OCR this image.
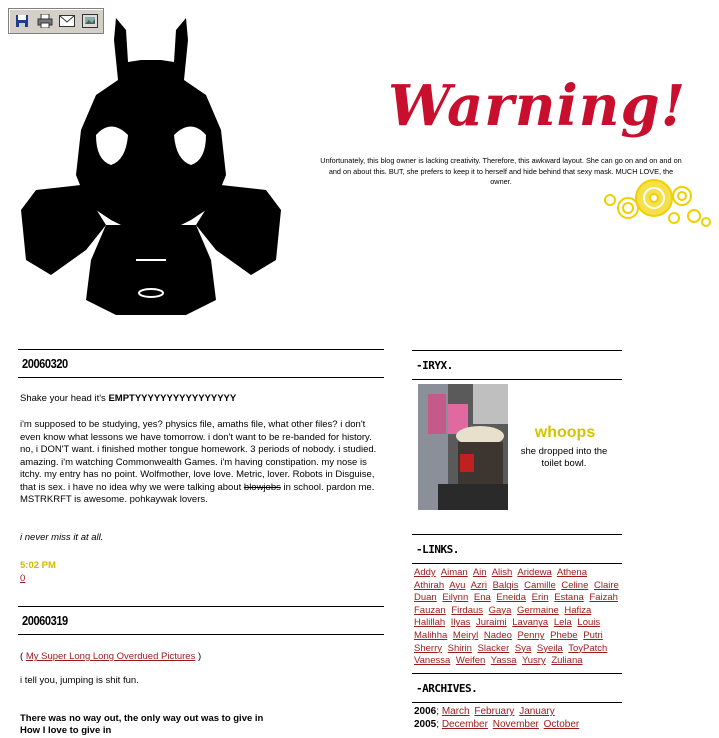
Warning!
Unfortunately, this blog owner is lacking creativity. Therefore, this awkward layout. She can go on and on and on and on about this. BUT, she prefers to keep it to herself and hide behind that sexy mask. MUCH LOVE, the owner.
20060320
Shake your head it's EMPTYYYYYYYYYYYYYYYY
i'm supposed to be studying, yes? physics file, amaths file, what other files? i don't even know what lessons we have tomorrow. i don't want to be re-banded for history. no, i DON'T want. i finished mother tongue homework. 3 periods of nobody. i studied. amazing. i'm watching Commonwealth Games. i'm having constipation. my nose is itchy. my entry has no point. Wolfmother, love love. Metric, lover. Robots in Disguise, that is sex. i have no idea why we were talking about blowjobs in school. pardon me. MSTRKRFT is awesome. pohkaywak lovers.
i never miss it at all.
5:02 PM
0
20060319
( My Super Long Long Overdued Pictures )
i tell you, jumping is shit fun.
There was no way out, the only way out was to give in
How I love to give in
-IRYX.
whoops
she dropped into the toilet bowl.
-LINKS.
Addy Aiman Ain Alish Aridewa Athena Athirah Ayu Azri Balqis Camille Celine Claire Duan Eilynn Ena Eneida Erin Estana Faizah Fauzan Firdaus Gaya Germaine Hafiza Halillah Ilyas Juraimi Lavanya Lela Louis Malihha Meiryl Nadeo Penny Phebe Putri Sherry Shirin Slacker Sya Syeila ToyPatch Vanessa Weifen Yassa Yusry Zuliana
-ARCHIVES.
2006; March February January
2005; December November October
